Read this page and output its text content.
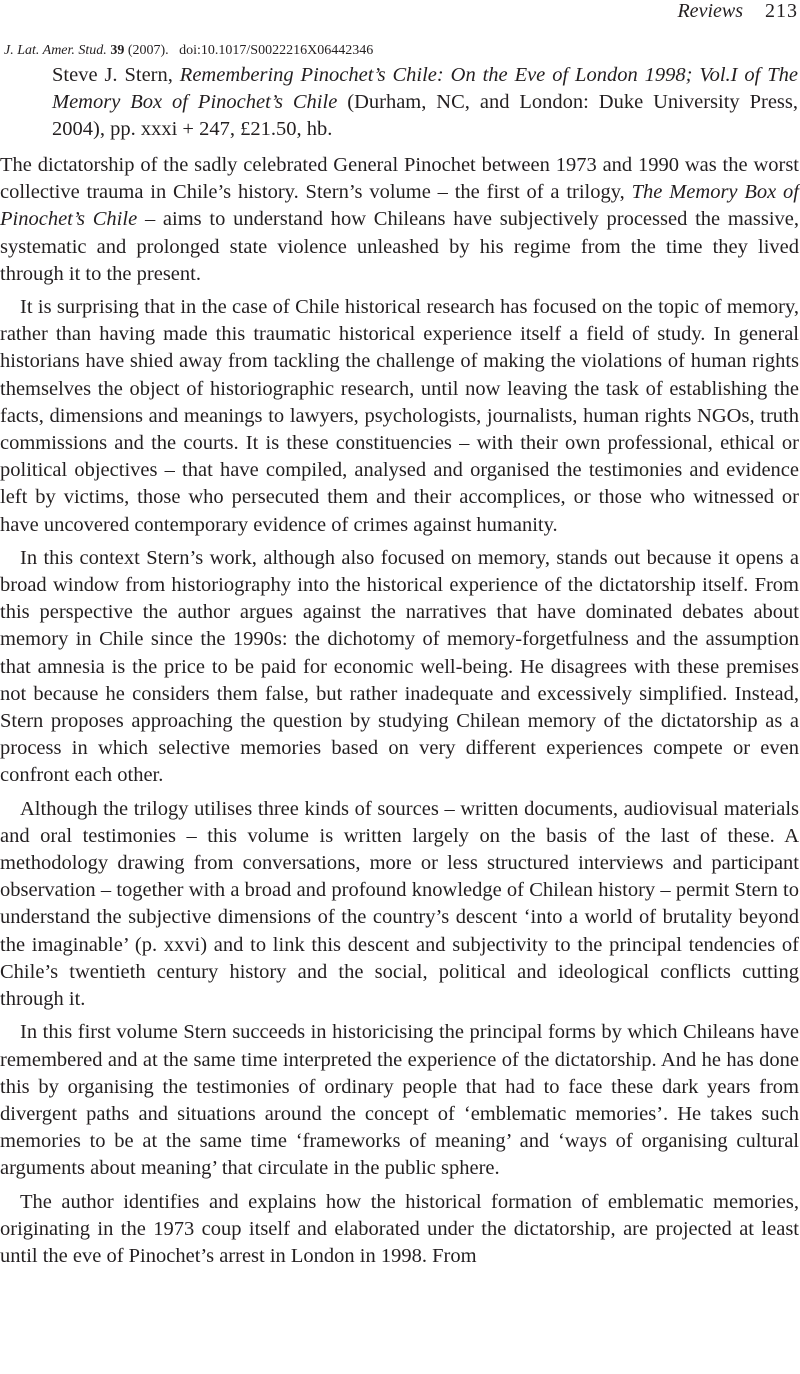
Reviews 213
J. Lat. Amer. Stud. 39 (2007). doi:10.1017/S0022216X06442346
Steve J. Stern, Remembering Pinochet’s Chile: On the Eve of London 1998; Vol.I of The Memory Box of Pinochet’s Chile (Durham, NC, and London: Duke University Press, 2004), pp. xxxi + 247, £21.50, hb.

The dictatorship of the sadly celebrated General Pinochet between 1973 and 1990 was the worst collective trauma in Chile’s history. Stern’s volume – the first of a trilogy, The Memory Box of Pinochet’s Chile – aims to understand how Chileans have subjectively processed the massive, systematic and prolonged state violence unleashed by his regime from the time they lived through it to the present.

It is surprising that in the case of Chile historical research has focused on the topic of memory, rather than having made this traumatic historical experience itself a field of study. In general historians have shied away from tackling the challenge of making the violations of human rights themselves the object of historiographic research, until now leaving the task of establishing the facts, dimensions and meanings to lawyers, psychologists, journalists, human rights NGOs, truth commissions and the courts. It is these constituencies – with their own professional, ethical or political objectives – that have compiled, analysed and organised the testimonies and evidence left by victims, those who persecuted them and their accomplices, or those who witnessed or have uncovered contemporary evidence of crimes against humanity.

In this context Stern’s work, although also focused on memory, stands out because it opens a broad window from historiography into the historical experience of the dictatorship itself. From this perspective the author argues against the narratives that have dominated debates about memory in Chile since the 1990s: the dichotomy of memory-forgetfulness and the assumption that amnesia is the price to be paid for economic well-being. He disagrees with these premises not because he considers them false, but rather inadequate and excessively simplified. Instead, Stern proposes approaching the question by studying Chilean memory of the dictatorship as a process in which selective memories based on very different experiences compete or even confront each other.

Although the trilogy utilises three kinds of sources – written documents, audiovisual materials and oral testimonies – this volume is written largely on the basis of the last of these. A methodology drawing from conversations, more or less structured interviews and participant observation – together with a broad and profound knowledge of Chilean history – permit Stern to understand the subjective dimensions of the country’s descent ‘into a world of brutality beyond the imaginable’ (p. xxvi) and to link this descent and subjectivity to the principal tendencies of Chile’s twentieth century history and the social, political and ideological conflicts cutting through it.

In this first volume Stern succeeds in historicising the principal forms by which Chileans have remembered and at the same time interpreted the experience of the dictatorship. And he has done this by organising the testimonies of ordinary people that had to face these dark years from divergent paths and situations around the concept of ‘emblematic memories’. He takes such memories to be at the same time ‘frameworks of meaning’ and ‘ways of organising cultural arguments about meaning’ that circulate in the public sphere.

The author identifies and explains how the historical formation of emblematic memories, originating in the 1973 coup itself and elaborated under the dictatorship, are projected at least until the eve of Pinochet’s arrest in London in 1998. From
